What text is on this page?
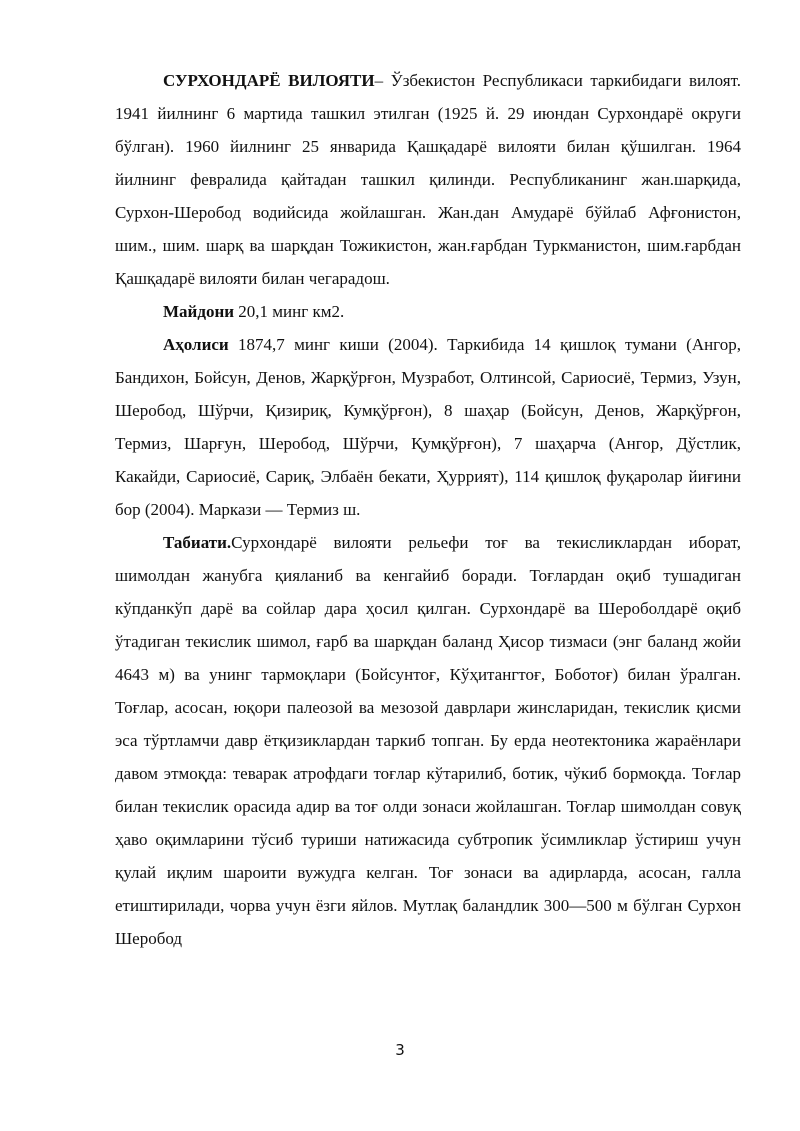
СУРХОНДАРЁ ВИЛОЯТИ– Ўзбекистон Республикаси таркибидаги вилоят. 1941 йилнинг 6 мартида ташкил этилган (1925 й. 29 июндан Сурхондарё округи бўлган). 1960 йилнинг 25 январида Қашқадарё вилояти билан қўшилган. 1964 йилнинг февралида қайтадан ташкил қилинди. Республиканинг жан.шарқида, Сурхон-Шеробод водийсида жойлашган. Жан.дан Амударё бўйлаб Афғонистон, шим., шим. шарқ ва шарқдан Тожикистон, жан.ғарбдан Туркманистон, шим.ғарбдан Қашқадарё вилояти билан чегарадош.

Майдони 20,1 минг км2.

Аҳолиси 1874,7 минг киши (2004). Таркибида 14 қишлоқ тумани (Ангор, Бандихон, Бойсун, Денов, Жарқўрғон, Музработ, Олтинсой, Сариосиё, Термиз, Узун, Шеробод, Шўрчи, Қизириқ, Кумқўрғон), 8 шаҳар (Бойсун, Денов, Жарқўрғон, Термиз, Шарғун, Шеробод, Шўрчи, Қумқўрғон), 7 шаҳарча (Ангор, Дўстлик, Какайди, Сариосиё, Сариқ, Элбаён бекати, Ҳуррият), 114 қишлоқ фуқаролар йиғини бор (2004). Маркази — Термиз ш.

Табиати.Сурхондарё вилояти рельефи тоғ ва текисликлардан иборат, шимолдан жанубга қияланиб ва кенгайиб боради. Тоғлардан оқиб тушадиган кўпданкўп дарё ва сойлар дара ҳосил қилган. Сурхондарё ва Шероболдарё оқиб ўтадиган текислик шимол, ғарб ва шарқдан баланд Ҳисор тизмаси (энг баланд жойи 4643 м) ва унинг тармоқлари (Бойсунтоғ, Кўҳитангтоғ, Боботоғ) билан ўралган. Тоғлар, асосан, юқори палеозой ва мезозой даврлари жинсларидан, текислик қисми эса тўртламчи давр ётқизиклардан таркиб топган. Бу ерда неотектоника жараёнлари давом этмоқда: теварак атрофдаги тоғлар кўтарилиб, ботик, чўкиб бормоқда. Тоғлар билан текислик орасида адир ва тоғ олди зонаси жойлашган. Тоғлар шимолдан совуқ ҳаво оқимларини тўсиб туриши натижасида субтропик ўсимликлар ўстириш учун қулай иқлим шароити вужудга келган. Тоғ зонаси ва адирларда, асосан, галла етиштирилади, чорва учун ёзги яйлов. Мутлақ баландлик 300—500 м бўлган Сурхон Шеробод

3
